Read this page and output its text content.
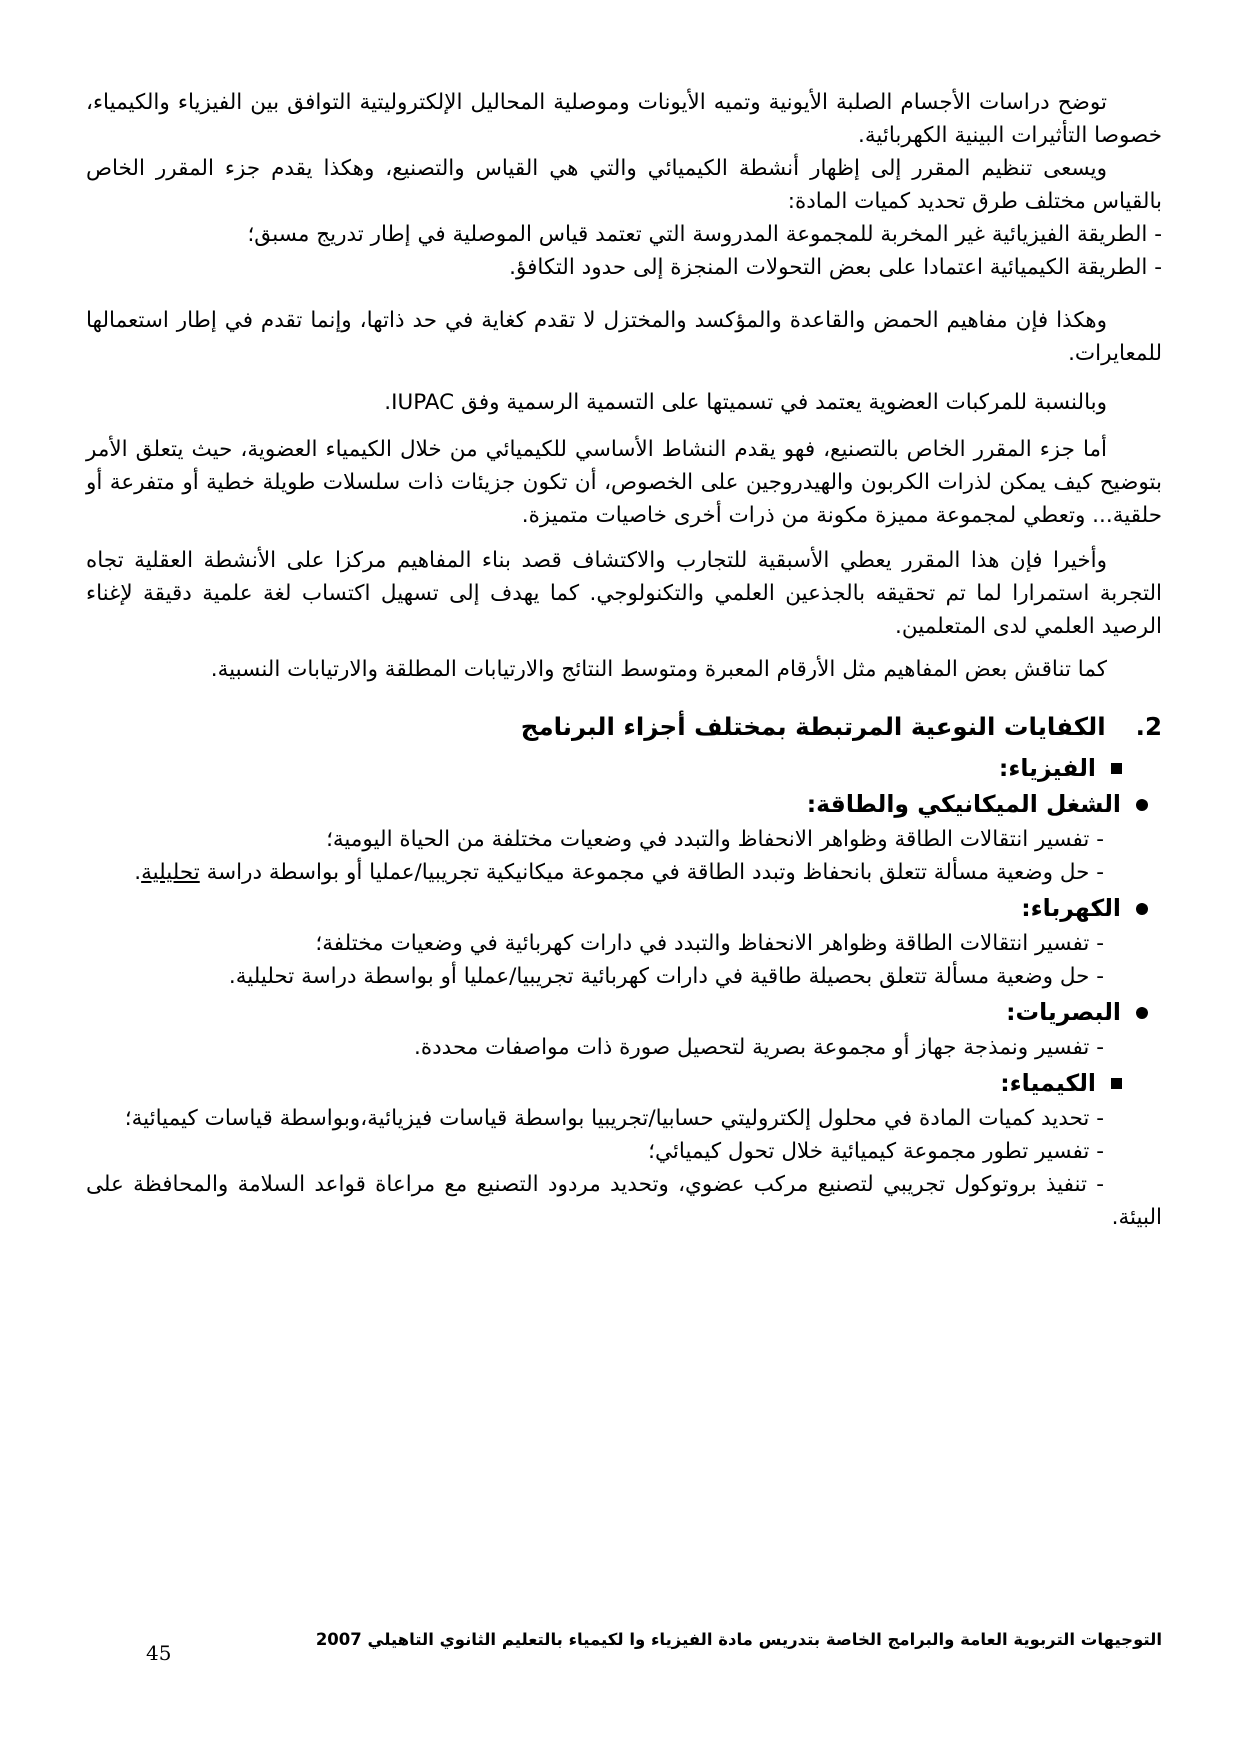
توضح دراسات الأجسام الصلبة الأيونية وتميه الأيونات وموصلية المحاليل الإلكتروليتية التوافق بين الفيزياء والكيمياء، خصوصا التأثيرات البينية الكهربائية.

ويسعى تنظيم المقرر إلى إظهار أنشطة الكيميائي والتي هي القياس والتصنيع، وهكذا يقدم جزء المقرر الخاص بالقياس مختلف طرق تحديد كميات المادة:

- الطريقة الفيزيائية غير المخربة للمجموعة المدروسة التي تعتمد قياس الموصلية في إطار تدريج مسبق؛

- الطريقة الكيميائية اعتمادا على بعض التحولات المنجزة إلى حدود التكافؤ.

وهكذا فإن مفاهيم الحمض والقاعدة والمؤكسد والمختزل لا تقدم كغاية في حد ذاتها، وإنما تقدم في إطار استعمالها للمعايرات.

وبالنسبة للمركبات العضوية يعتمد في تسميتها على التسمية الرسمية وفق IUPAC.

أما جزء المقرر الخاص بالتصنيع، فهو يقدم النشاط الأساسي للكيميائي من خلال الكيمياء العضوية، حيث يتعلق الأمر بتوضيح كيف يمكن لذرات الكربون والهيدروجين على الخصوص، أن تكون جزيئات ذات سلسلات طويلة خطية أو متفرعة أو حلقية... وتعطي لمجموعة مميزة مكونة من ذرات أخرى خاصيات متميزة.

وأخيرا فإن هذا المقرر يعطي الأسبقية للتجارب والاكتشاف قصد بناء المفاهيم مركزا على الأنشطة العقلية تجاه التجربة استمرارا لما تم تحقيقه بالجذعين العلمي والتكنولوجي. كما يهدف إلى تسهيل اكتساب لغة علمية دقيقة لإغناء الرصيد العلمي لدى المتعلمين.

كما تناقش بعض المفاهيم مثل الأرقام المعبرة ومتوسط النتائج والارتيابات المطلقة والارتيابات النسبية.

2.
الكفايات النوعية المرتبطة بمختلف أجزاء البرنامج
الفيزياء:
الشغل الميكانيكي والطاقة:

- تفسير انتقالات الطاقة وظواهر الانحفاظ والتبدد في وضعيات مختلفة من الحياة اليومية؛

- حل وضعية مسألة تتعلق بانحفاظ وتبدد الطاقة في مجموعة ميكانيكية تجريبيا/عمليا أو بواسطة دراسة تحليلية.

الكهرباء:

- تفسير انتقالات الطاقة وظواهر الانحفاظ والتبدد في دارات كهربائية في وضعيات مختلفة؛

- حل وضعية مسألة تتعلق بحصيلة طاقية في دارات كهربائية تجريبيا/عمليا أو بواسطة دراسة تحليلية.

البصريات:

- تفسير ونمذجة جهاز أو مجموعة بصرية لتحصيل صورة ذات مواصفات محددة.

الكيمياء:

- تحديد كميات المادة في محلول إلكتروليتي حسابيا/تجريبيا بواسطة قياسات فيزيائية،وبواسطة قياسات كيميائية؛

- تفسير تطور مجموعة كيميائية خلال تحول كيميائي؛

- تنفيذ بروتوكول تجريبي لتصنيع مركب عضوي، وتحديد مردود التصنيع مع مراعاة قواعد السلامة والمحافظة على البيئة.

التوجيهات التربوية العامة والبرامج الخاصة بتدريس مادة الفيزياء وا لكيمياء بالتعليم الثانوي التاهيلي 2007
45
